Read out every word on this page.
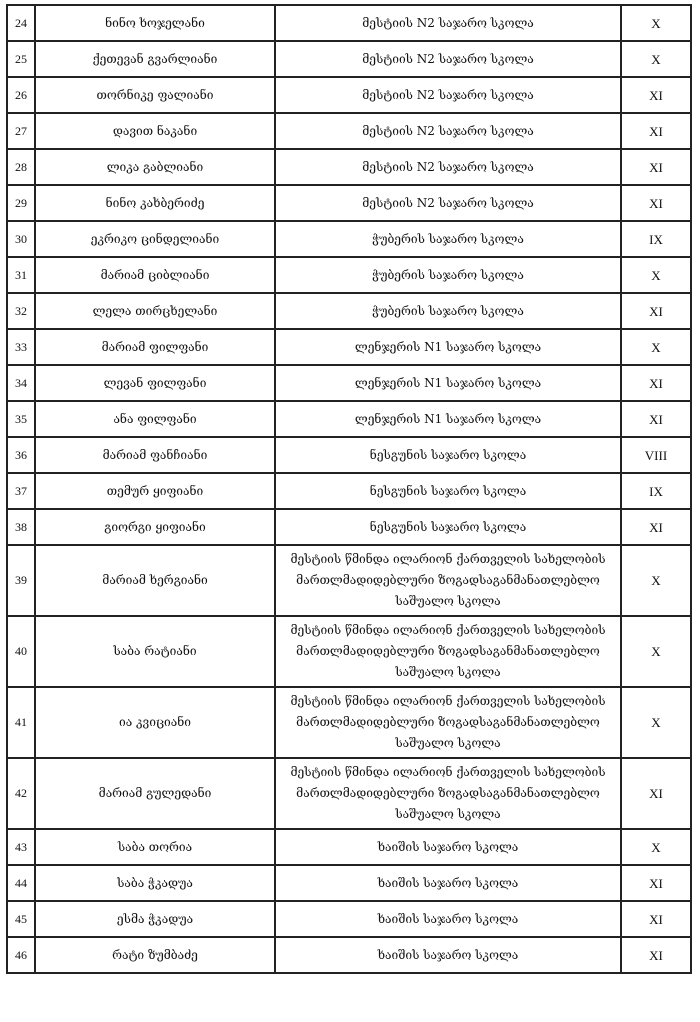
24	ნინო ხოჯელანი	მესტიის N2 საჯარო სკოლა	X
25	ქეთევან გვარლიანი	მესტიის N2 საჯარო სკოლა	X
26	თორნიკე ფალიანი	მესტიის N2 საჯარო სკოლა	XI
27	დავით ნაკანი	მესტიის N2 საჯარო სკოლა	XI
28	ლიკა გაბლიანი	მესტიის N2 საჯარო სკოლა	XI
29	ნინო კახბერიძე	მესტიის N2 საჯარო სკოლა	XI
30	ეკრიკო ცინდელიანი	ჭუბერის საჯარო სკოლა	IX
31	მარიამ ციბლიანი	ჭუბერის საჯარო სკოლა	X
32	ლელა თირცხელანი	ჭუბერის საჯარო სკოლა	XI
33	მარიამ ფილფანი	ლენჯერის N1 საჯარო სკოლა	X
34	ლევან ფილფანი	ლენჯერის N1 საჯარო სკოლა	XI
35	ანა ფილფანი	ლენჯერის N1 საჯარო სკოლა	XI
36	მარიამ ფანჩიანი	ნესგუნის საჯარო სკოლა	VIII
37	თემურ ყიფიანი	ნესგუნის საჯარო სკოლა	IX
38	გიორგი ყიფიანი	ნესგუნის საჯარო სკოლა	XI
39	მარიამ ხერგიანი	მესტიის წმინდა ილარიონ ქართველის სახელობის
მართლმადიდებლური ზოგადსაგანმანათლებლო
საშუალო სკოლა	X
40	საბა რატიანი	მესტიის წმინდა ილარიონ ქართველის სახელობის
მართლმადიდებლური ზოგადსაგანმანათლებლო
საშუალო სკოლა	X
41	ია კვიციანი	მესტიის წმინდა ილარიონ ქართველის სახელობის
მართლმადიდებლური ზოგადსაგანმანათლებლო
საშუალო სკოლა	X
42	მარიამ გულედანი	მესტიის წმინდა ილარიონ ქართველის სახელობის
მართლმადიდებლური ზოგადსაგანმანათლებლო
საშუალო სკოლა	XI
43	საბა თორია	ხაიშის საჯარო სკოლა	X
44	საბა ჭკადუა	ხაიშის საჯარო სკოლა	XI
45	ესმა ჭკადუა	ხაიშის საჯარო სკოლა	XI
46	რატი ზუმბაძე	ხაიშის საჯარო სკოლა	XI
